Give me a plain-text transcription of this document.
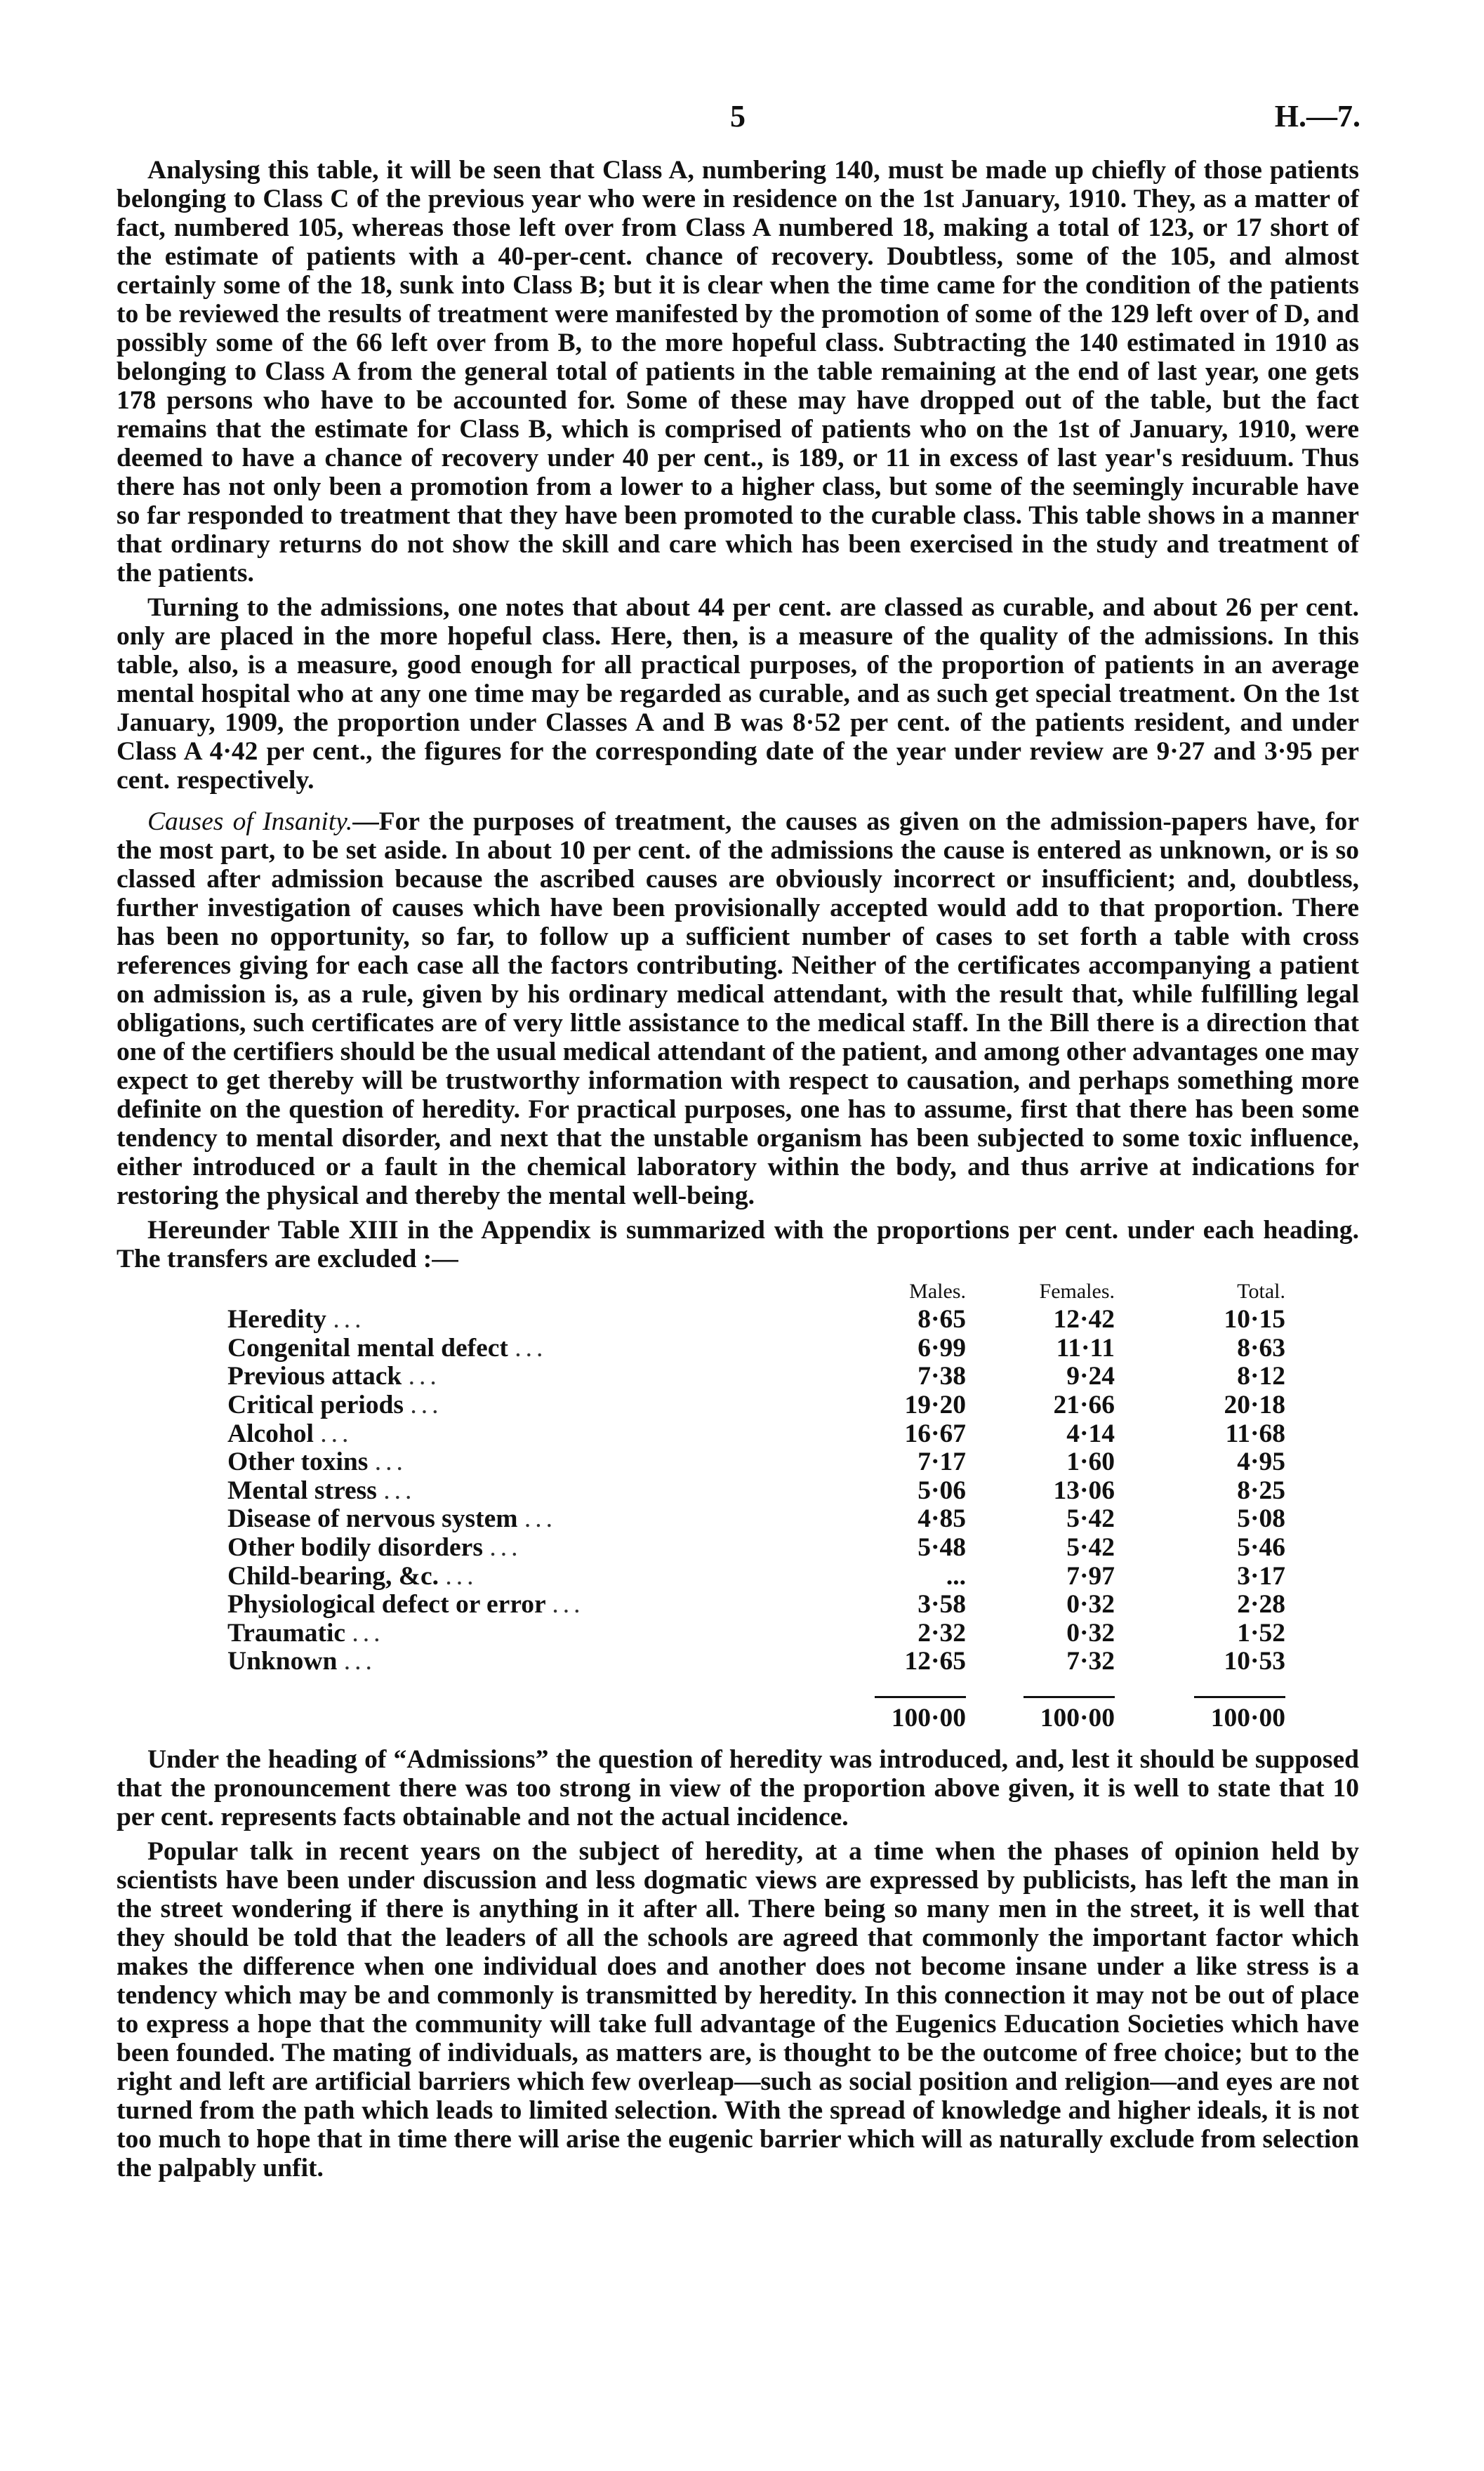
5	H.—7.

Analysing this table, it will be seen that Class A, numbering 140, must be made up chiefly of those patients belonging to Class C of the previous year who were in residence on the 1st January, 1910. They, as a matter of fact, numbered 105, whereas those left over from Class A numbered 18, making a total of 123, or 17 short of the estimate of patients with a 40-per-cent. chance of recovery. Doubtless, some of the 105, and almost certainly some of the 18, sunk into Class B; but it is clear when the time came for the condition of the patients to be reviewed the results of treatment were manifested by the promotion of some of the 129 left over of D, and possibly some of the 66 left over from B, to the more hopeful class. Subtracting the 140 estimated in 1910 as belonging to Class A from the general total of patients in the table remaining at the end of last year, one gets 178 persons who have to be accounted for. Some of these may have dropped out of the table, but the fact remains that the estimate for Class B, which is comprised of patients who on the 1st of January, 1910, were deemed to have a chance of recovery under 40 per cent., is 189, or 11 in excess of last year's residuum. Thus there has not only been a promotion from a lower to a higher class, but some of the seemingly incurable have so far responded to treatment that they have been promoted to the curable class. This table shows in a manner that ordinary returns do not show the skill and care which has been exercised in the study and treatment of the patients.

Turning to the admissions, one notes that about 44 per cent. are classed as curable, and about 26 per cent. only are placed in the more hopeful class. Here, then, is a measure of the quality of the admissions. In this table, also, is a measure, good enough for all practical purposes, of the proportion of patients in an average mental hospital who at any one time may be regarded as curable, and as such get special treatment. On the 1st January, 1909, the proportion under Classes A and B was 8·52 per cent. of the patients resident, and under Class A 4·42 per cent., the figures for the corresponding date of the year under review are 9·27 and 3·95 per cent. respectively.

Causes of Insanity.—For the purposes of treatment, the causes as given on the admission-papers have, for the most part, to be set aside. In about 10 per cent. of the admissions the cause is entered as unknown, or is so classed after admission because the ascribed causes are obviously incorrect or insufficient; and, doubtless, further investigation of causes which have been provisionally accepted would add to that proportion. There has been no opportunity, so far, to follow up a sufficient number of cases to set forth a table with cross references giving for each case all the factors contributing. Neither of the certificates accompanying a patient on admission is, as a rule, given by his ordinary medical attendant, with the result that, while fulfilling legal obligations, such certificates are of very little assistance to the medical staff. In the Bill there is a direction that one of the certifiers should be the usual medical attendant of the patient, and among other advantages one may expect to get thereby will be trustworthy information with respect to causation, and perhaps something more definite on the question of heredity. For practical purposes, one has to assume, first that there has been some tendency to mental disorder, and next that the unstable organism has been subjected to some toxic influence, either introduced or a fault in the chemical laboratory within the body, and thus arrive at indications for restoring the physical and thereby the mental well-being.

Hereunder Table XIII in the Appendix is summarized with the proportions per cent. under each heading. The transfers are excluded :—

	Males.	Females.	Total.
Heredity ...	8·65	12·42	10·15
Congenital mental defect ...	6·99	11·11	8·63
Previous attack ...	7·38	9·24	8·12
Critical periods ...	19·20	21·66	20·18
Alcohol ...	16·67	4·14	11·68
Other toxins ...	7·17	1·60	4·95
Mental stress ...	5·06	13·06	8·25
Disease of nervous system ...	4·85	5·42	5·08
Other bodily disorders ...	5·48	5·42	5·46
Child-bearing, &c. ...	...	7·97	3·17
Physiological defect or error ...	3·58	0·32	2·28
Traumatic ...	2·32	0·32	1·52
Unknown ...	12·65	7·32	10·53

	100·00	100·00	100·00

Under the heading of “Admissions” the question of heredity was introduced, and, lest it should be supposed that the pronouncement there was too strong in view of the proportion above given, it is well to state that 10 per cent. represents facts obtainable and not the actual incidence.

Popular talk in recent years on the subject of heredity, at a time when the phases of opinion held by scientists have been under discussion and less dogmatic views are expressed by publicists, has left the man in the street wondering if there is anything in it after all. There being so many men in the street, it is well that they should be told that the leaders of all the schools are agreed that commonly the important factor which makes the difference when one individual does and another does not become insane under a like stress is a tendency which may be and commonly is transmitted by heredity. In this connection it may not be out of place to express a hope that the community will take full advantage of the Eugenics Education Societies which have been founded. The mating of individuals, as matters are, is thought to be the outcome of free choice; but to the right and left are artificial barriers which few overleap—such as social position and religion—and eyes are not turned from the path which leads to limited selection. With the spread of knowledge and higher ideals, it is not too much to hope that in time there will arise the eugenic barrier which will as naturally exclude from selection the palpably unfit.
